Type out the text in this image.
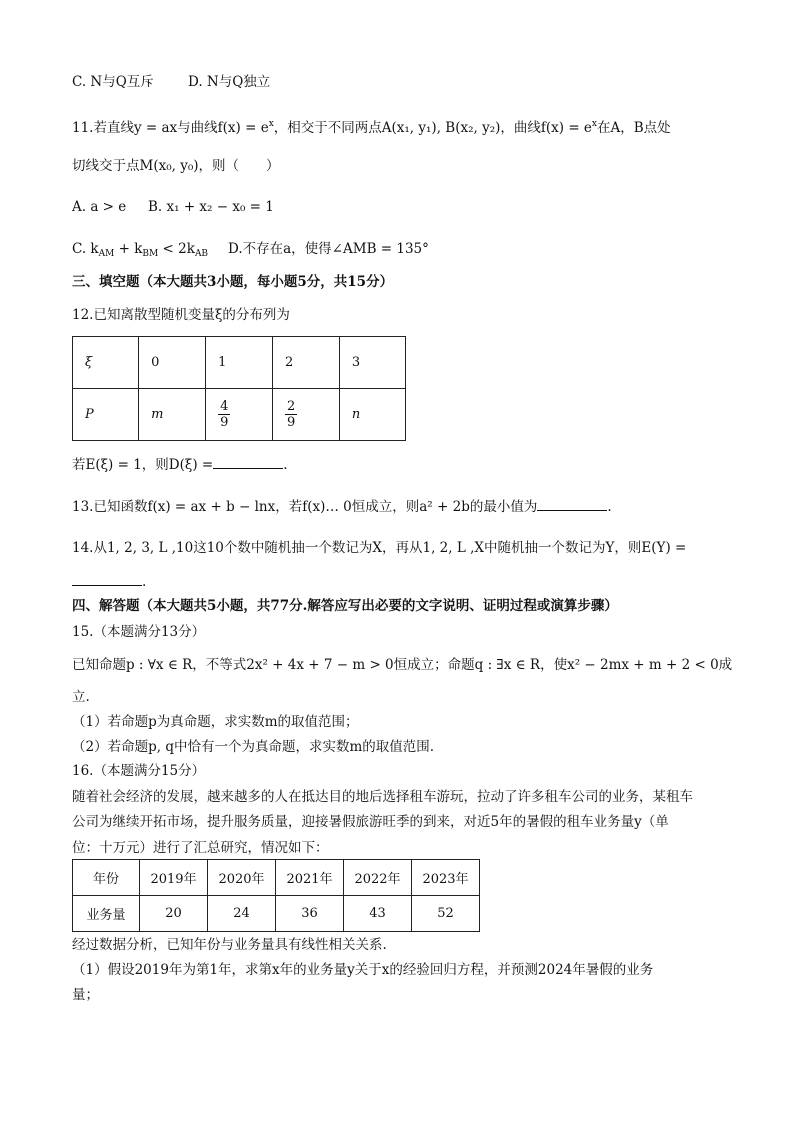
C. N与Q互斥	D. N与Q独立
11.若直线y = ax与曲线$f(x) = e^x$，相交于不同两点A(x₁, y₁), B(x₂, y₂)，曲线$f(x) = e^x$在A，B点处
切线交于点M(x₀, y₀)，则（　　）
A. a > e B. x₁ + x₂ − x₀ = 1
C. $k_{AM} + k_{BM} < 2k_{AB}$ D.不存在a，使得∠AMB = 135°
三、填空题（本大题共3小题，每小题5分，共15分）
12.已知离散型随机变量ξ的分布列为
ξ	0	1	2	3
P	m	$\frac{4}{9}$	$\frac{2}{9}$	n
若E(ξ) = 1，则D(ξ) =	.
13.已知函数f(x) = ax + b − lnx，若f(x)… 0恒成立，则a² + 2b的最小值为	.
14.从1, 2, 3, L ,10这10个数中随机抽一个数记为X，再从1, 2, L ,X中随机抽一个数记为Y，则E(Y) =
.
四、解答题（本大题共5小题，共77分.解答应写出必要的文字说明、证明过程或演算步骤）
15.（本题满分13分）
已知命题p : ∀x ∈ R，不等式2x² + 4x + 7 − m > 0恒成立；命题q : ∃x ∈ R，使x² − 2mx + m + 2 < 0成
立.
（1）若命题p为真命题，求实数m的取值范围；
（2）若命题p, q中恰有一个为真命题，求实数m的取值范围.
16.（本题满分15分）
随着社会经济的发展，越来越多的人在抵达目的地后选择租车游玩，拉动了许多租车公司的业务，某租车
公司为继续开拓市场，提升服务质量，迎接暑假旅游旺季的到来，对近5年的暑假的租车业务量y（单
位：十万元）进行了汇总研究，情况如下：
年份	2019年	2020年	2021年	2022年	2023年
业务量	20	24	36	43	52
经过数据分析，已知年份与业务量具有线性相关关系.
（1）假设2019年为第1年，求第x年的业务量y关于x的经验回归方程，并预测2024年暑假的业务
量；
